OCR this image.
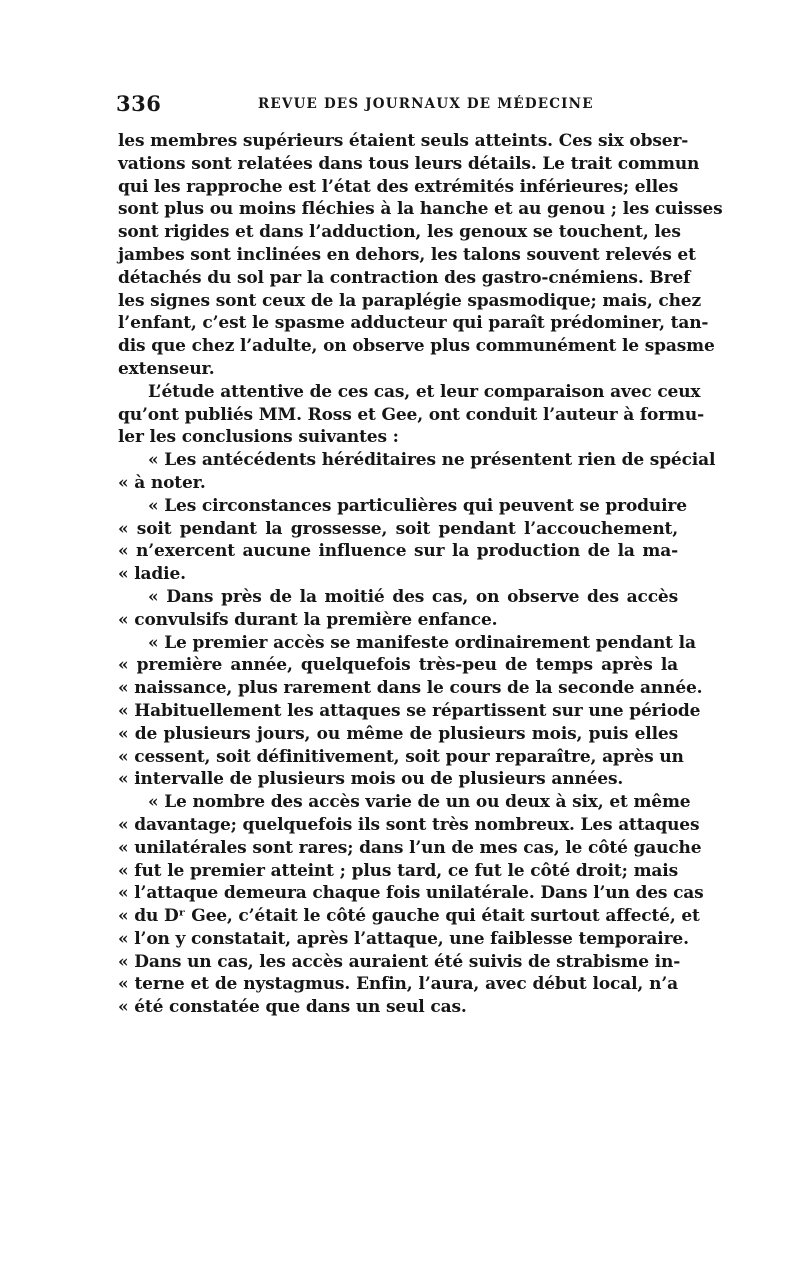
336	REVUE DES JOURNAUX DE MÉDECINE
les membres supérieurs étaient seuls atteints. Ces six obser-
vations sont relatées dans tous leurs détails. Le trait commun
qui les rapproche est l’état des extrémités inférieures; elles
sont plus ou moins fléchies à la hanche et au genou ; les cuisses
sont rigides et dans l’adduction, les genoux se touchent, les
jambes sont inclinées en dehors, les talons souvent relevés et
détachés du sol par la contraction des gastro-cnémiens. Bref
les signes sont ceux de la paraplégie spasmodique; mais, chez
l’enfant, c’est le spasme adducteur qui paraît prédominer, tan-
dis que chez l’adulte, on observe plus communément le spasme
extenseur.
L’étude attentive de ces cas, et leur comparaison avec ceux
qu’ont publiés MM. Ross et Gee, ont conduit l’auteur à formu-
ler les conclusions suivantes :
« Les antécédents héréditaires ne présentent rien de spécial
« à noter.
« Les circonstances particulières qui peuvent se produire
« soit pendant la grossesse, soit pendant l’accouchement,
« n’exercent aucune influence sur la production de la ma-
« ladie.
« Dans près de la moitié des cas, on observe des accès
« convulsifs durant la première enfance.
« Le premier accès se manifeste ordinairement pendant la
« première année, quelquefois très-peu de temps après la
« naissance, plus rarement dans le cours de la seconde année.
« Habituellement les attaques se répartissent sur une période
« de plusieurs jours, ou même de plusieurs mois, puis elles
« cessent, soit définitivement, soit pour reparaître, après un
« intervalle de plusieurs mois ou de plusieurs années.
« Le nombre des accès varie de un ou deux à six, et même
« davantage; quelquefois ils sont très nombreux. Les attaques
« unilatérales sont rares; dans l’un de mes cas, le côté gauche
« fut le premier atteint ; plus tard, ce fut le côté droit; mais
« l’attaque demeura chaque fois unilatérale. Dans l’un des cas
« du Dʳ Gee, c’était le côté gauche qui était surtout affecté, et
« l’on y constatait, après l’attaque, une faiblesse temporaire.
« Dans un cas, les accès auraient été suivis de strabisme in-
« terne et de nystagmus. Enfin, l’aura, avec début local, n’a
« été constatée que dans un seul cas.
